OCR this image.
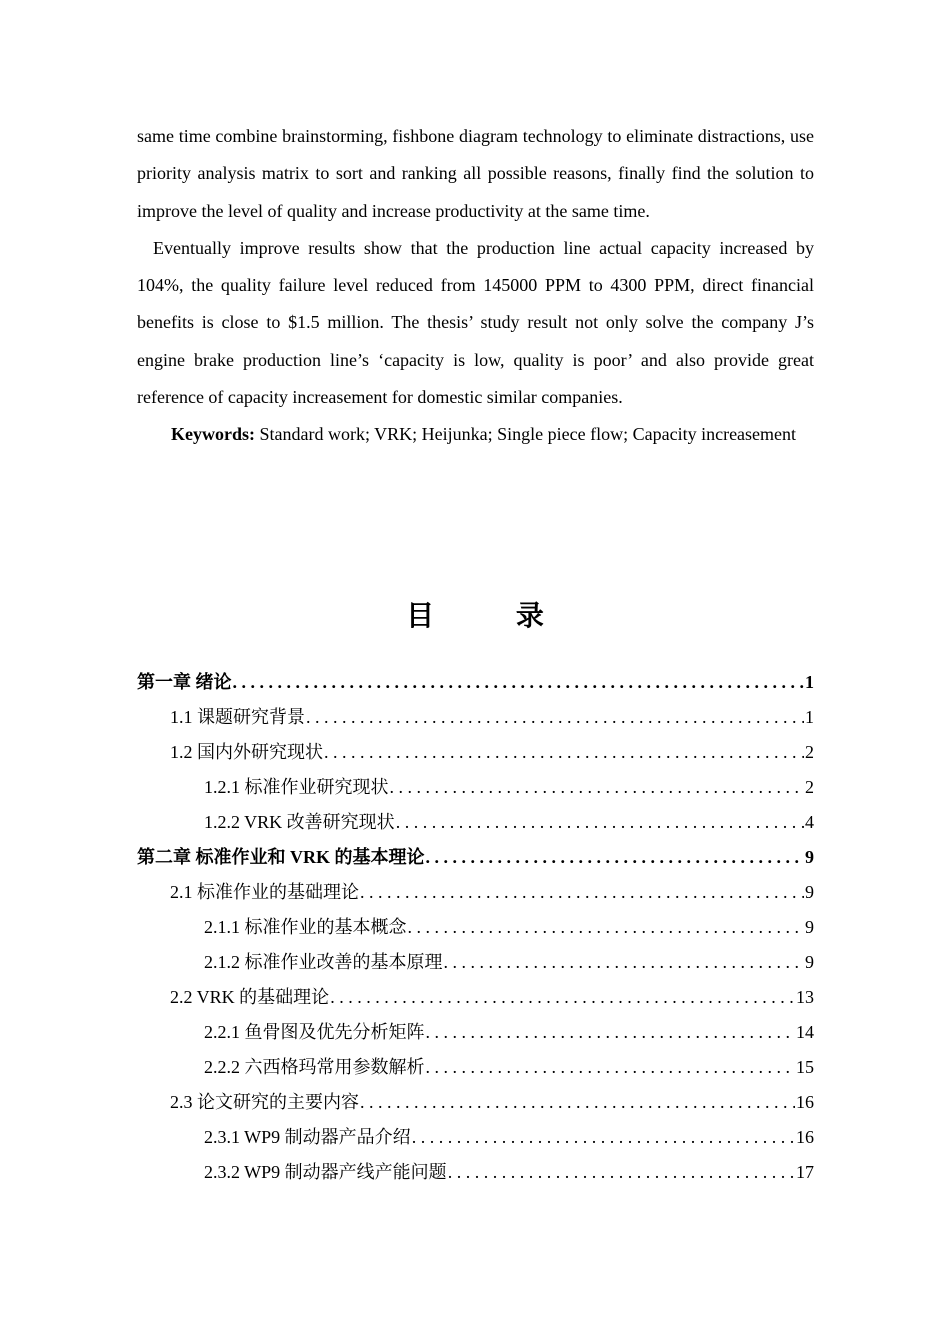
same time combine brainstorming, fishbone diagram technology to eliminate distractions, use priority analysis matrix to sort and ranking all possible reasons, finally find the solution to improve the level of quality and increase productivity at the same time.

Eventually improve results show that the production line actual capacity increased by 104%, the quality failure level reduced from 145000 PPM to 4300 PPM, direct financial benefits is close to $1.5 million. The thesis’ study result not only solve the company J’s engine brake production line’s ‘capacity is low, quality is poor’ and also provide great reference of capacity increasement for domestic similar companies.

Keywords: Standard work; VRK; Heijunka; Single piece flow; Capacity increasement

目 录
第一章 绪论 . . .	1
1.1 课题研究背景 . . .	1
1.2 国内外研究现状 . . .	2
1.2.1 标准作业研究现状 . . .	2
1.2.2 VRK 改善研究现状 . . .	4
第二章 标准作业和 VRK 的基本理论 . . .	9
2.1 标准作业的基础理论 . . .	9
2.1.1 标准作业的基本概念 . . .	9
2.1.2 标准作业改善的基本原理 . . .	9
2.2 VRK 的基础理论 . . .	13
2.2.1 鱼骨图及优先分析矩阵 . . .	14
2.2.2 六西格玛常用参数解析 . . .	15
2.3 论文研究的主要内容 . . .	16
2.3.1 WP9 制动器产品介绍 . . .	16
2.3.2 WP9 制动器产线产能问题 . . .	17
